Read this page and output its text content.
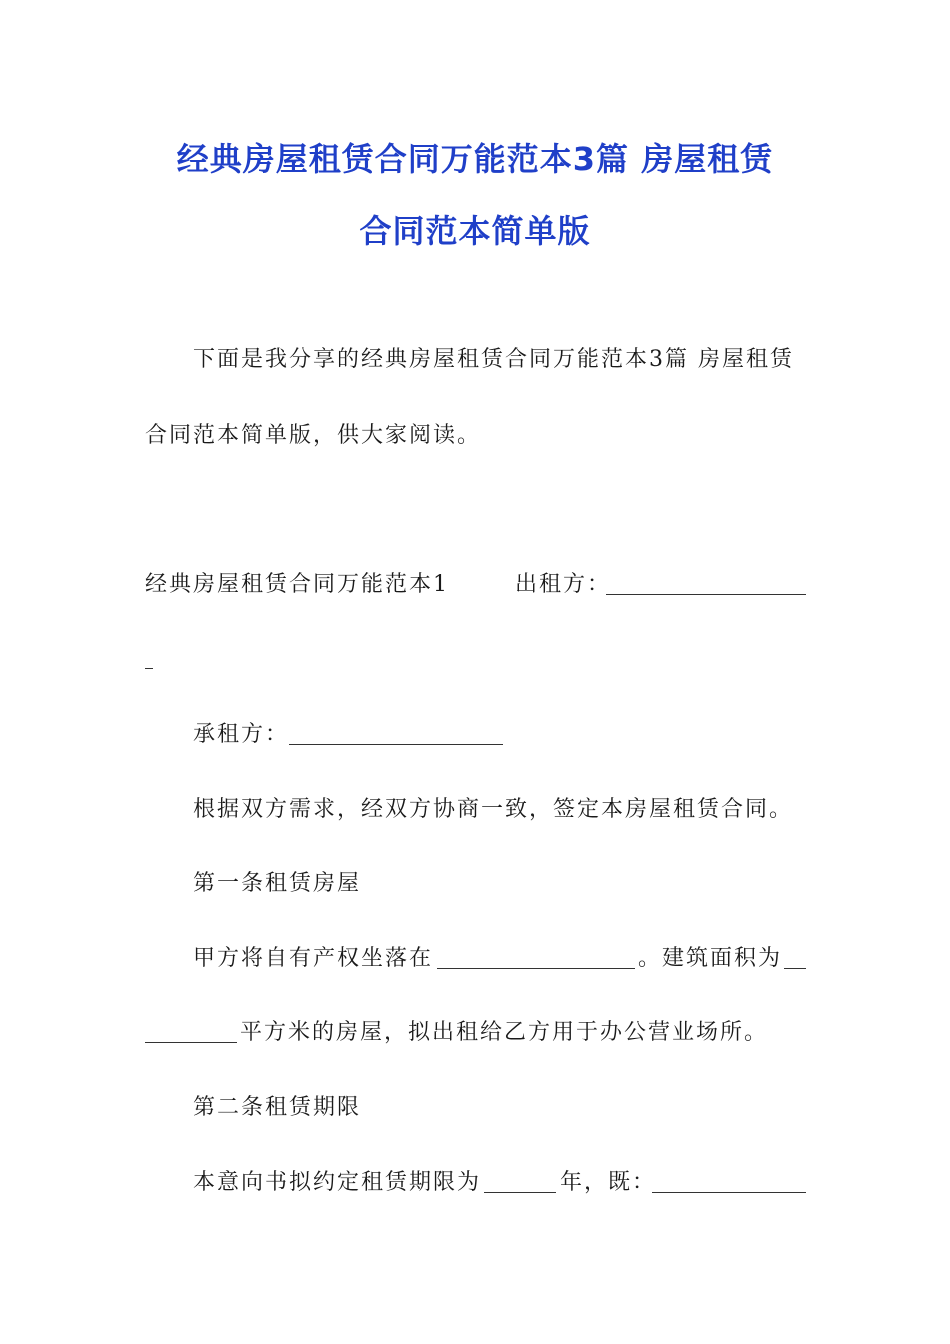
经典房屋租赁合同万能范本3篇 房屋租赁
合同范本简单版
下面是我分享的经典房屋租赁合同万能范本3篇 房屋租赁
合同范本简单版，供大家阅读。
经典房屋租赁合同万能范本1	出租方：
承租方：
根据双方需求，经双方协商一致，签定本房屋租赁合同。
第一条租赁房屋
甲方将自有产权坐落在	。建筑面积为
平方米的房屋，拟出租给乙方用于办公营业场所。
第二条租赁期限
本意向书拟约定租赁期限为	年，既：
